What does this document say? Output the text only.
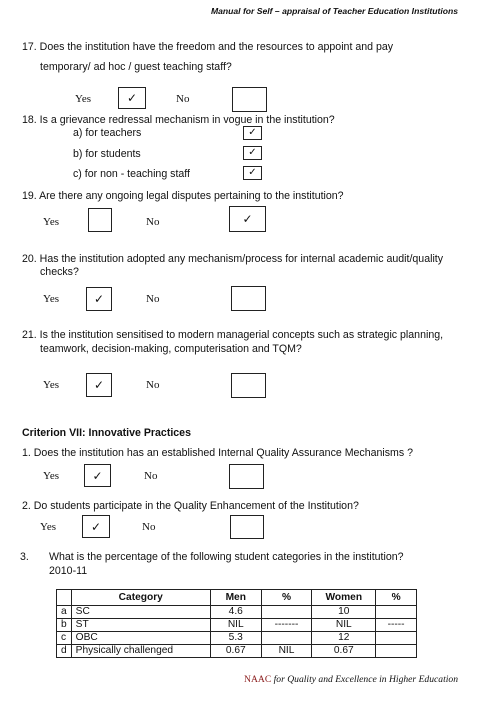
Manual for Self – appraisal of Teacher Education Institutions
17. Does the institution have the freedom and the resources to appoint and pay
temporary/ ad hoc / guest teaching staff?
Yes	✓	No
18. Is a grievance redressal mechanism in vogue in the institution?
a) for teachers
b) for students
c) for non - teaching staff
✓
✓
✓
19. Are there any ongoing legal disputes pertaining to the institution?
Yes	No	✓
20. Has the institution adopted any mechanism/process for internal academic audit/quality
checks?
Yes	✓	No
21. Is the institution sensitised to modern managerial concepts such as strategic planning,
teamwork, decision-making, computerisation and TQM?
Yes	✓	No
Criterion VII: Innovative Practices
1. Does the institution has an established Internal Quality Assurance Mechanisms ?
Yes	✓	No
2. Do students participate in the Quality Enhancement of the Institution?
Yes	✓	No
3. What is the percentage of the following student categories in the institution?
2010-11
	Category	Men	%	Women	%
a	SC	4.6		10	
b	ST	NIL	-------	NIL	-----
c	OBC	5.3		12	
d	Physically challenged	0.67	NIL	0.67	
NAAC for Quality and Excellence in Higher Education
